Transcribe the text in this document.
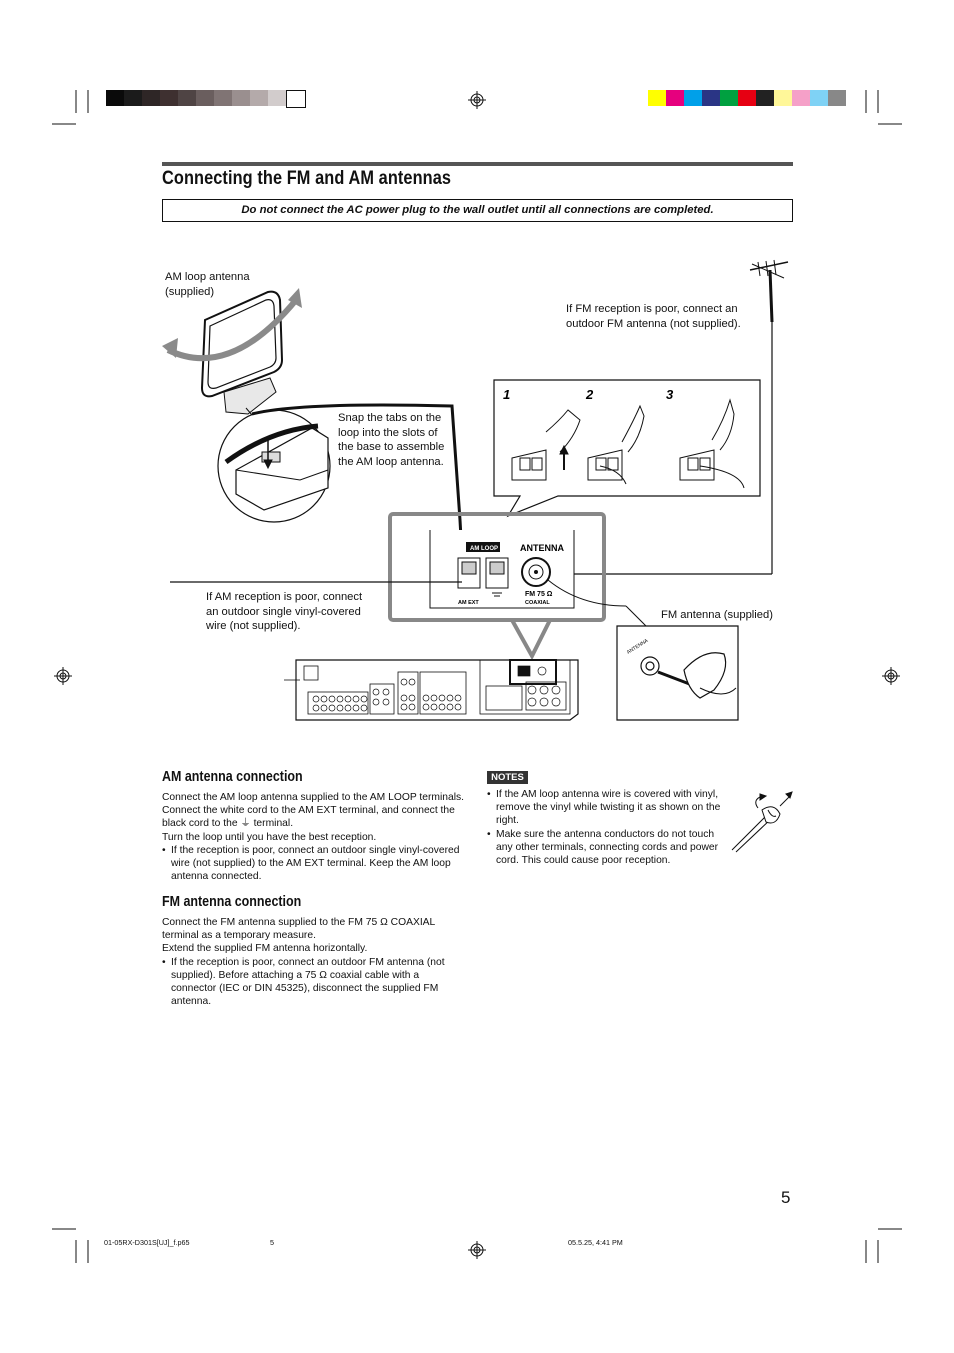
Connecting the FM and AM antennas
Do not connect the AC power plug to the wall outlet until all connections are completed.
1	2	3
AM LOOP ANTENNA
AM EXT
FM 75 Ω
COAXIAL
ANTENNA
AM loop antenna
(supplied)
If FM reception is poor, connect an
outdoor FM antenna (not supplied).
Snap the tabs on the
loop into the slots of
the base to assemble
the AM loop antenna.
If AM reception is poor, connect
an outdoor single vinyl-covered
wire (not supplied).
FM antenna (supplied)
AM antenna connection

Connect the AM loop antenna supplied to the AM LOOP terminals. Connect the white cord to the AM EXT terminal, and connect the black cord to the ⏚ terminal.

Turn the loop until you have the best reception.

• If the reception is poor, connect an outdoor single vinyl-covered wire (not supplied) to the AM EXT terminal. Keep the AM loop antenna connected.

FM antenna connection

Connect the FM antenna supplied to the FM 75 Ω COAXIAL terminal as a temporary measure.

Extend the supplied FM antenna horizontally.

• If the reception is poor, connect an outdoor FM antenna (not supplied). Before attaching a 75 Ω coaxial cable with a connector (IEC or DIN 45325), disconnect the supplied FM antenna.

NOTES

• If the AM loop antenna wire is covered with vinyl, remove the vinyl while twisting it as shown on the right.

• Make sure the antenna conductors do not touch any other terminals, connecting cords and power cord. This could cause poor reception.

5
01-05RX-D301S[UJ]_f.p65	5	05.5.25, 4:41 PM
